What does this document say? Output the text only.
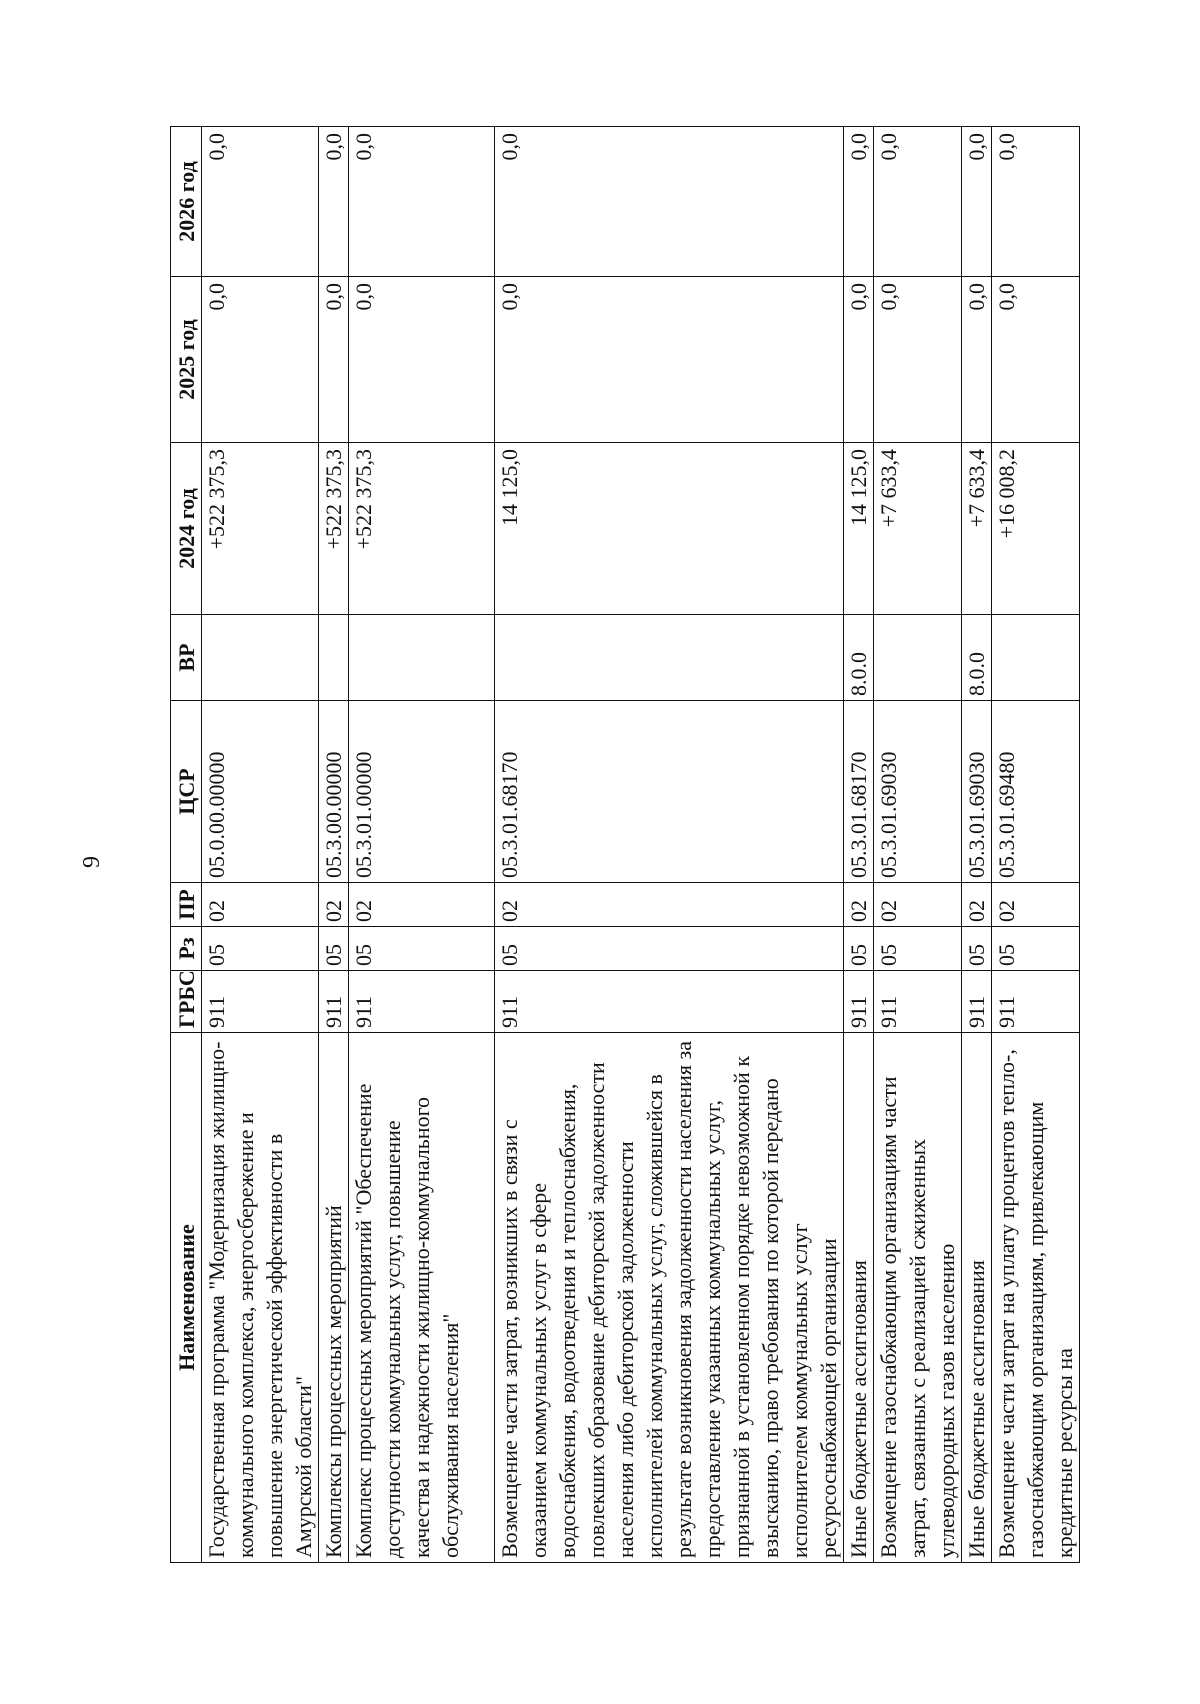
9
Наименование	ГРБС	Рз	ПР	ЦСР	ВР	2024 год	2025 год	2026 год
Государственная программа "Модернизация жилищно-коммунального комплекса, энергосбережение и повышение энергетической эффективности в Амурской области"	911	05	02	05.0.00.00000		+522 375,3	0,0	0,0
Комплексы процессных мероприятий	911	05	02	05.3.00.00000		+522 375,3	0,0	0,0
Комплекс процессных мероприятий "Обеспечение доступности коммунальных услуг, повышение качества и надежности жилищно-коммунального обслуживания населения"	911	05	02	05.3.01.00000		+522 375,3	0,0	0,0
Возмещение части затрат, возникших в связи с оказанием коммунальных услуг в сфере водоснабжения, водоотведения и теплоснабжения, повлекших образование дебиторской задолженности населения либо дебиторской задолженности исполнителей коммунальных услуг, сложившейся в результате возникновения задолженности населения за предоставление указанных коммунальных услуг, признанной в установленном порядке невозможной к взысканию, право требования по которой передано исполнителем коммунальных услуг ресурсоснабжающей организации	911	05	02	05.3.01.68170		14 125,0	0,0	0,0
Иные бюджетные ассигнования	911	05	02	05.3.01.68170	8.0.0	14 125,0	0,0	0,0
Возмещение газоснабжающим организациям части затрат, связанных с реализацией сжиженных углеводородных газов населению	911	05	02	05.3.01.69030		+7 633,4	0,0	0,0
Иные бюджетные ассигнования	911	05	02	05.3.01.69030	8.0.0	+7 633,4	0,0	0,0
Возмещение части затрат на уплату процентов тепло-, газоснабжающим организациям, привлекающим кредитные ресурсы на	911	05	02	05.3.01.69480		+16 008,2	0,0	0,0
